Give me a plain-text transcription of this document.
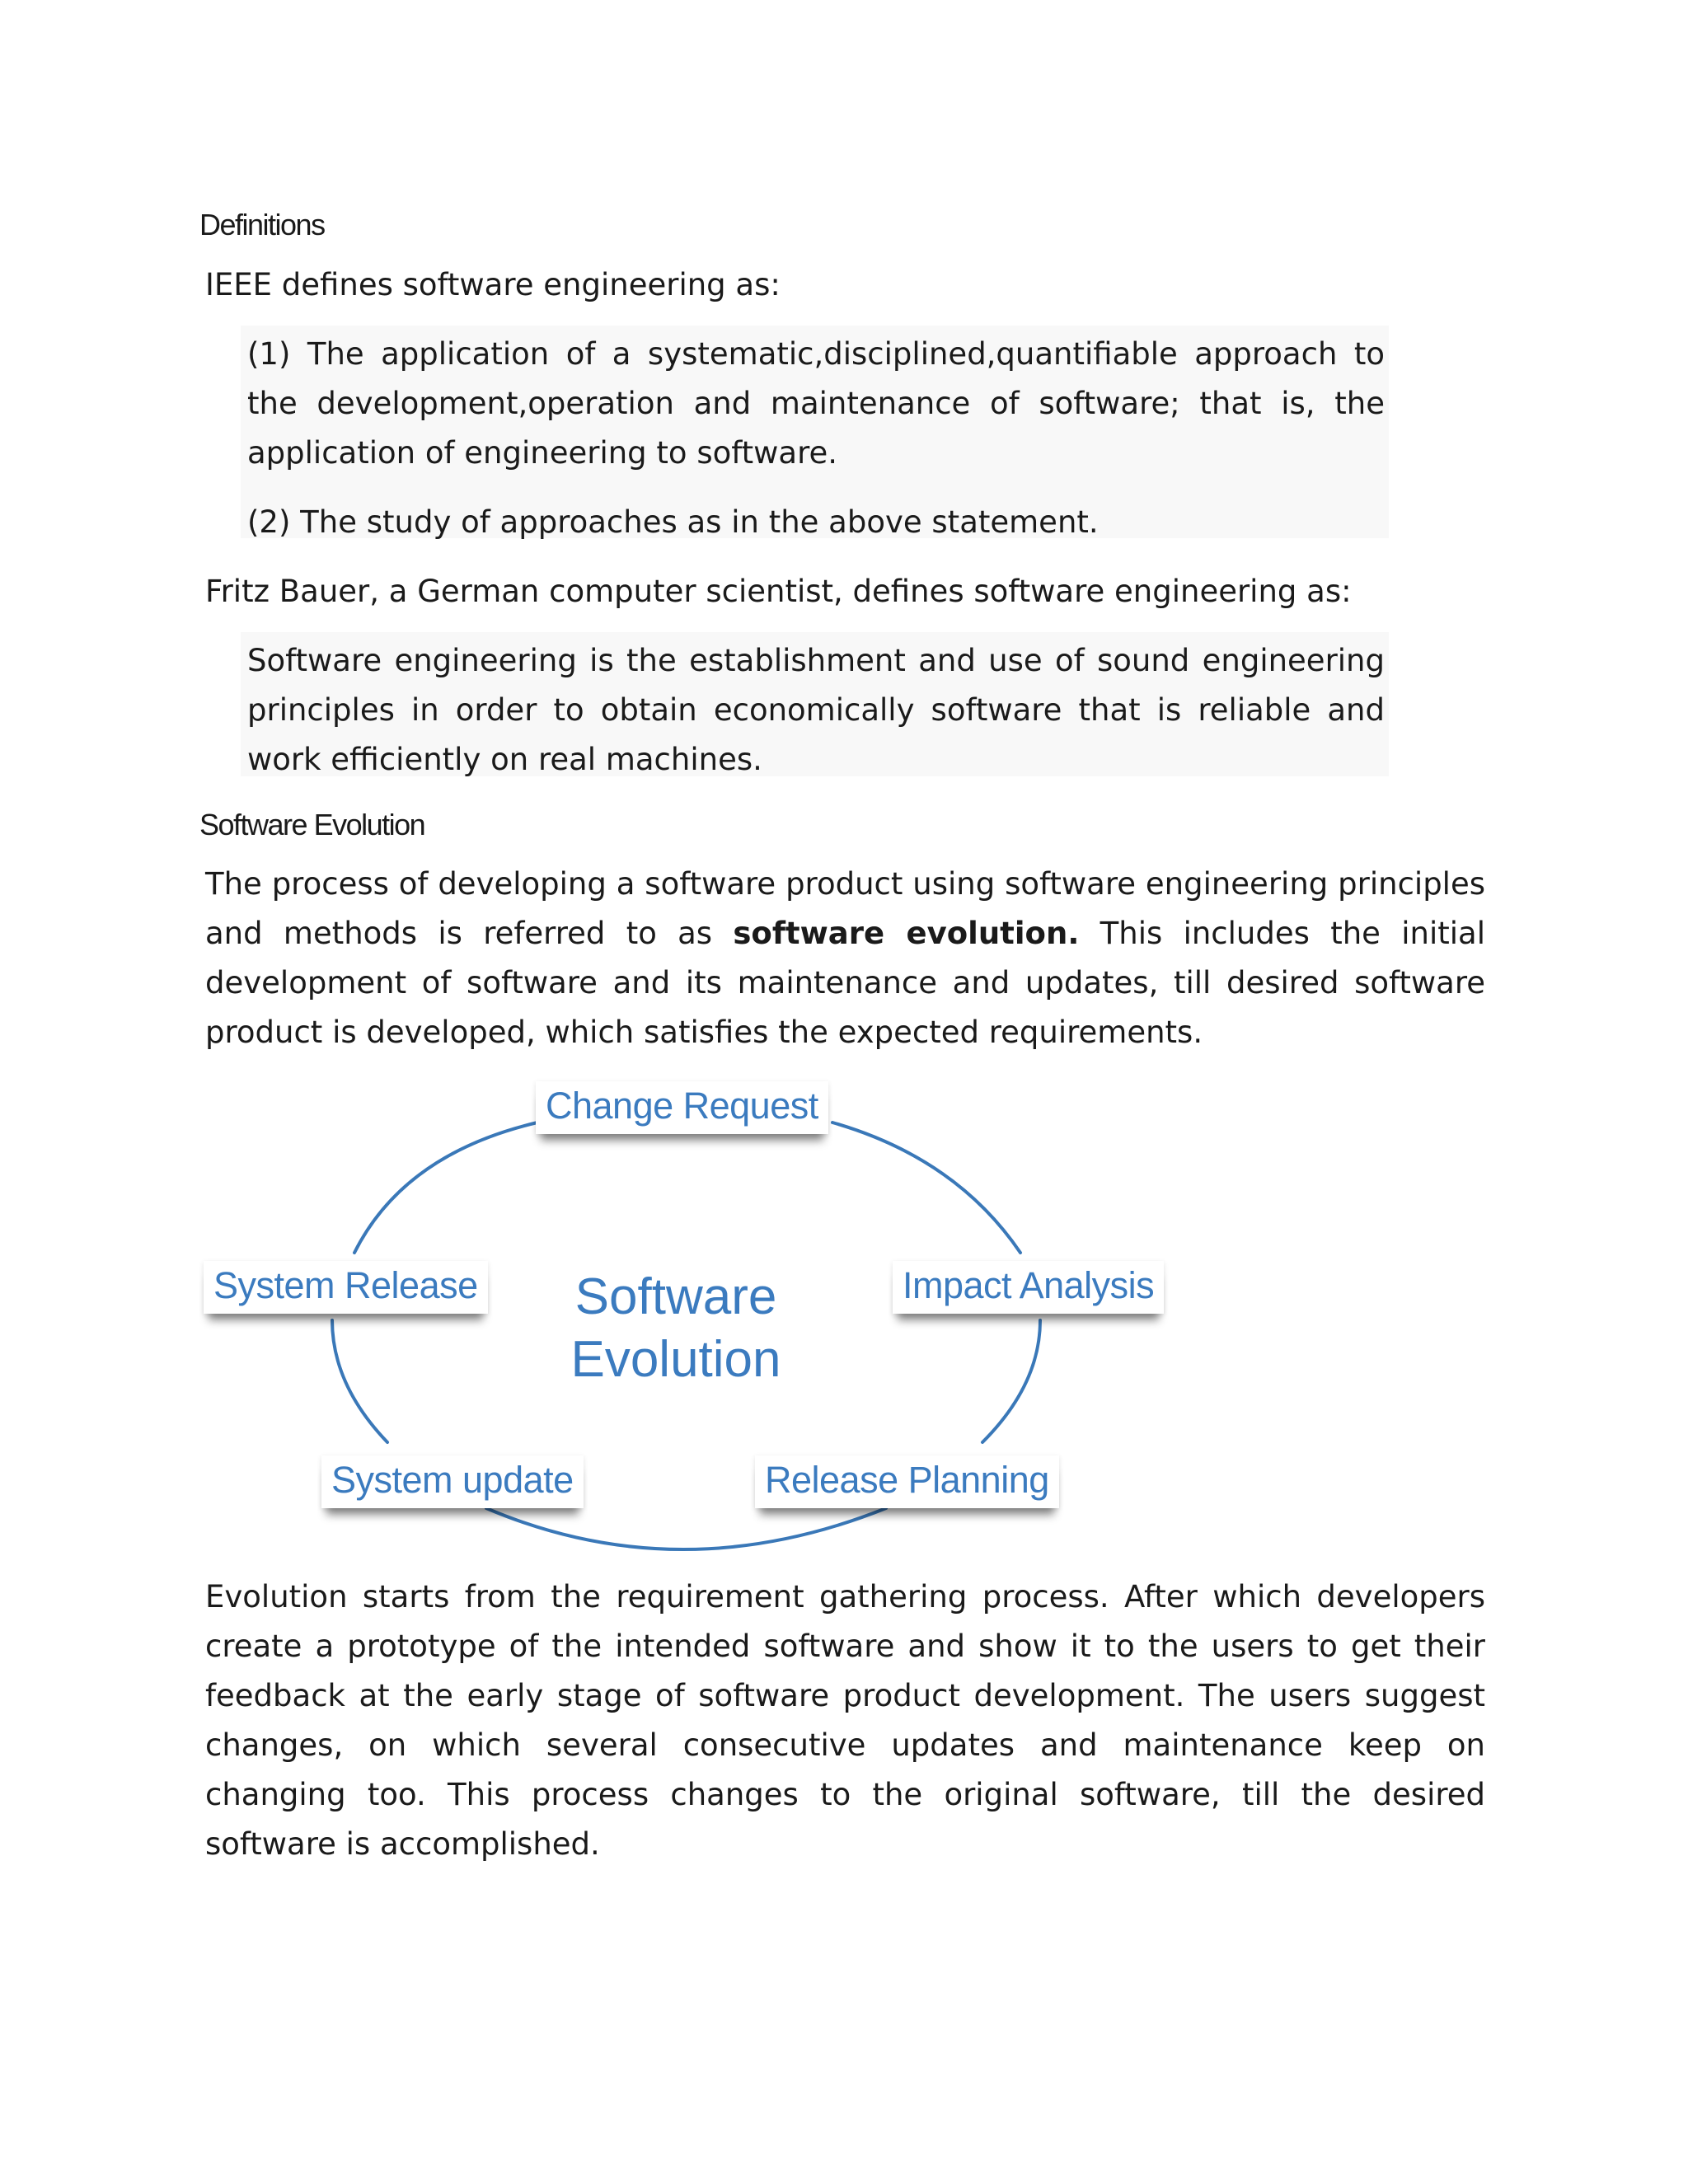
Definitions
IEEE defines software engineering as:
(1) The application of a systematic,disciplined,quantifiable approach to the development,operation and maintenance of software; that is, the application of engineering to software.
(2) The study of approaches as in the above statement.
Fritz Bauer, a German computer scientist, defines software engineering as:
Software engineering is the establishment and use of sound engineering principles in order to obtain economically software that is reliable and work efficiently on real machines.
Software Evolution
The process of developing a software product using software engineering principles and methods is referred to as software evolution. This includes the initial development of software and its maintenance and updates, till desired software product is developed, which satisfies the expected requirements.
Change Request
Impact Analysis
Release Planning
System update
System Release	Software
Evolution
Evolution starts from the requirement gathering process. After which developers create a prototype of the intended software and show it to the users to get their feedback at the early stage of software product development. The users suggest changes, on which several consecutive updates and maintenance keep on changing too. This process changes to the original software, till the desired software is accomplished.
